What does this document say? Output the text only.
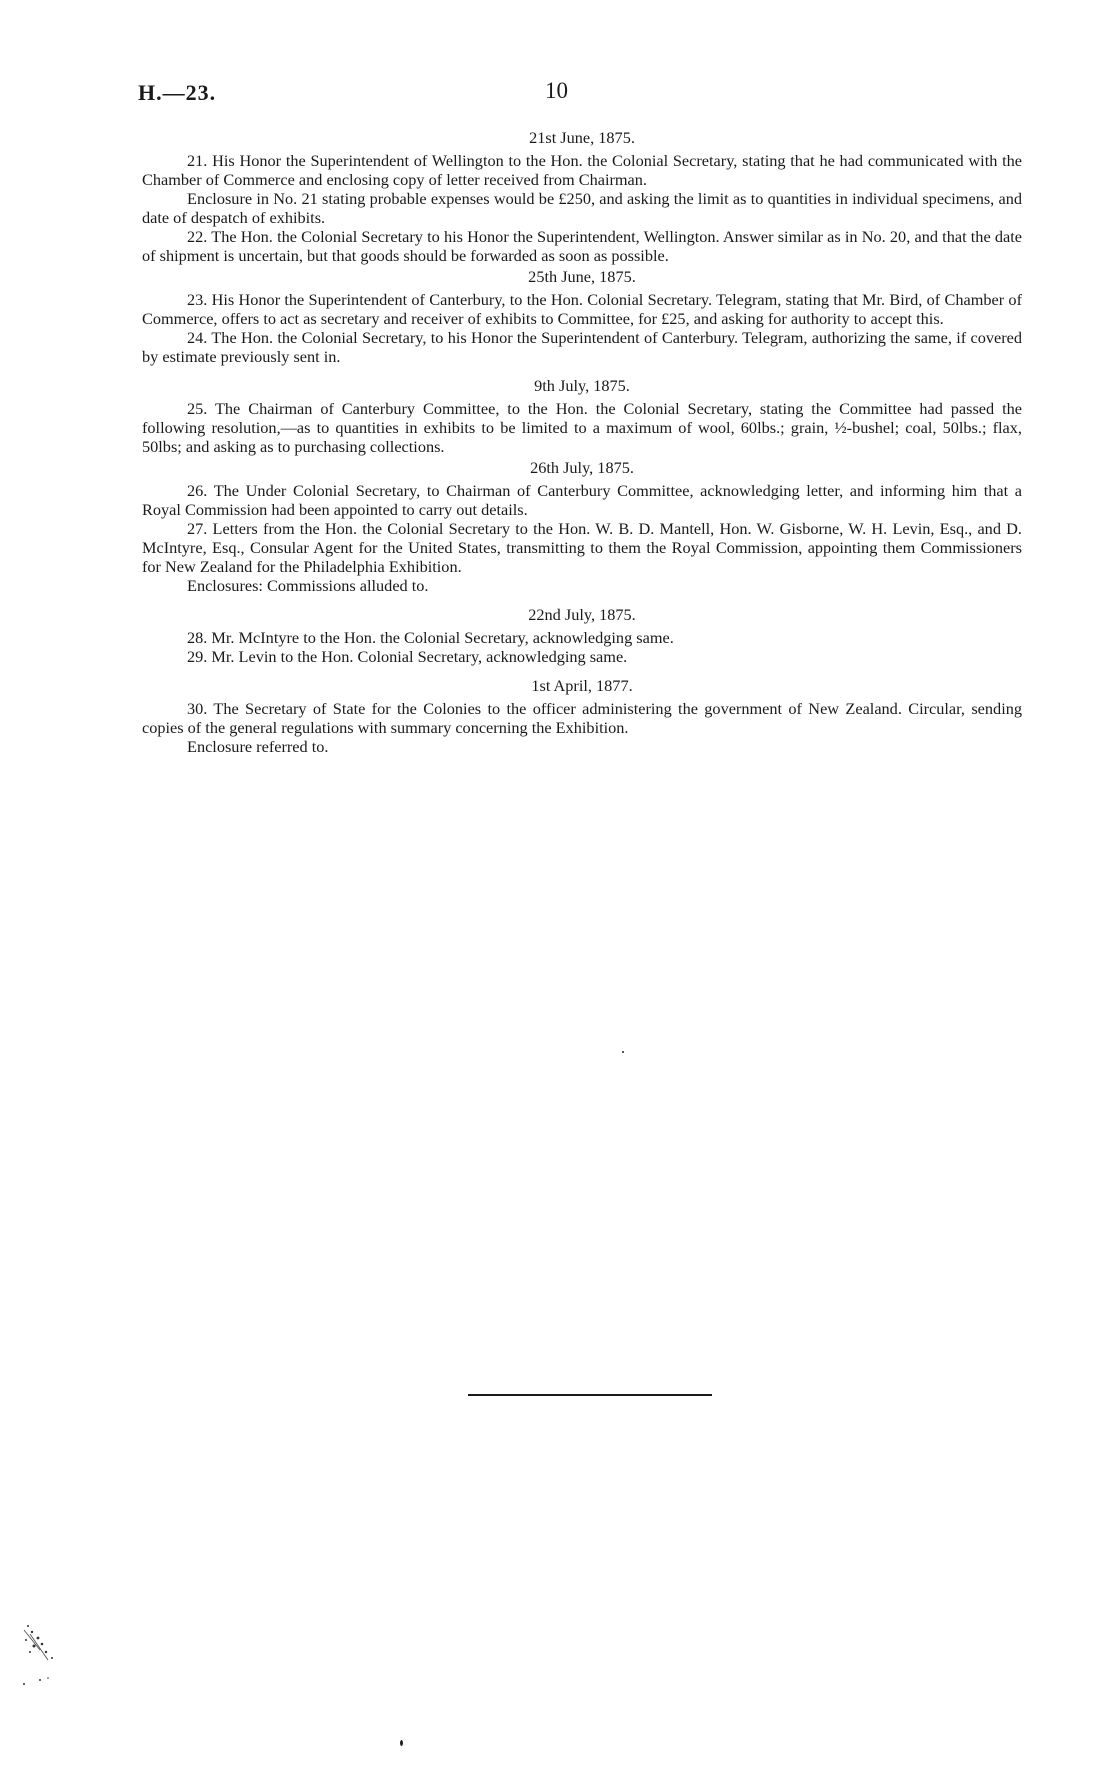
H.—23.	10
21st June, 1875.

21. His Honor the Superintendent of Wellington to the Hon. the Colonial Secretary, stating that he had communicated with the Chamber of Commerce and enclosing copy of letter received from Chairman.

Enclosure in No. 21 stating probable expenses would be £250, and asking the limit as to quantities in individual specimens, and date of despatch of exhibits.

22. The Hon. the Colonial Secretary to his Honor the Superintendent, Wellington. Answer similar as in No. 20, and that the date of shipment is uncertain, but that goods should be forwarded as soon as possible.

25th June, 1875.

23. His Honor the Superintendent of Canterbury, to the Hon. Colonial Secretary. Telegram, stating that Mr. Bird, of Chamber of Commerce, offers to act as secretary and receiver of exhibits to Committee, for £25, and asking for authority to accept this.

24. The Hon. the Colonial Secretary, to his Honor the Superintendent of Canterbury. Telegram, authorizing the same, if covered by estimate previously sent in.

9th July, 1875.

25. The Chairman of Canterbury Committee, to the Hon. the Colonial Secretary, stating the Committee had passed the following resolution,—as to quantities in exhibits to be limited to a maximum of wool, 60lbs.; grain, ½-bushel; coal, 50lbs.; flax, 50lbs; and asking as to purchasing collections.

26th July, 1875.

26. The Under Colonial Secretary, to Chairman of Canterbury Committee, acknowledging letter, and informing him that a Royal Commission had been appointed to carry out details.

27. Letters from the Hon. the Colonial Secretary to the Hon. W. B. D. Mantell, Hon. W. Gisborne, W. H. Levin, Esq., and D. McIntyre, Esq., Consular Agent for the United States, transmitting to them the Royal Commission, appointing them Commissioners for New Zealand for the Philadelphia Exhibition.

Enclosures: Commissions alluded to.

22nd July, 1875.

28. Mr. McIntyre to the Hon. the Colonial Secretary, acknowledging same.

29. Mr. Levin to the Hon. Colonial Secretary, acknowledging same.

1st April, 1877.

30. The Secretary of State for the Colonies to the officer administering the government of New Zealand. Circular, sending copies of the general regulations with summary concerning the Exhibition.

Enclosure referred to.
